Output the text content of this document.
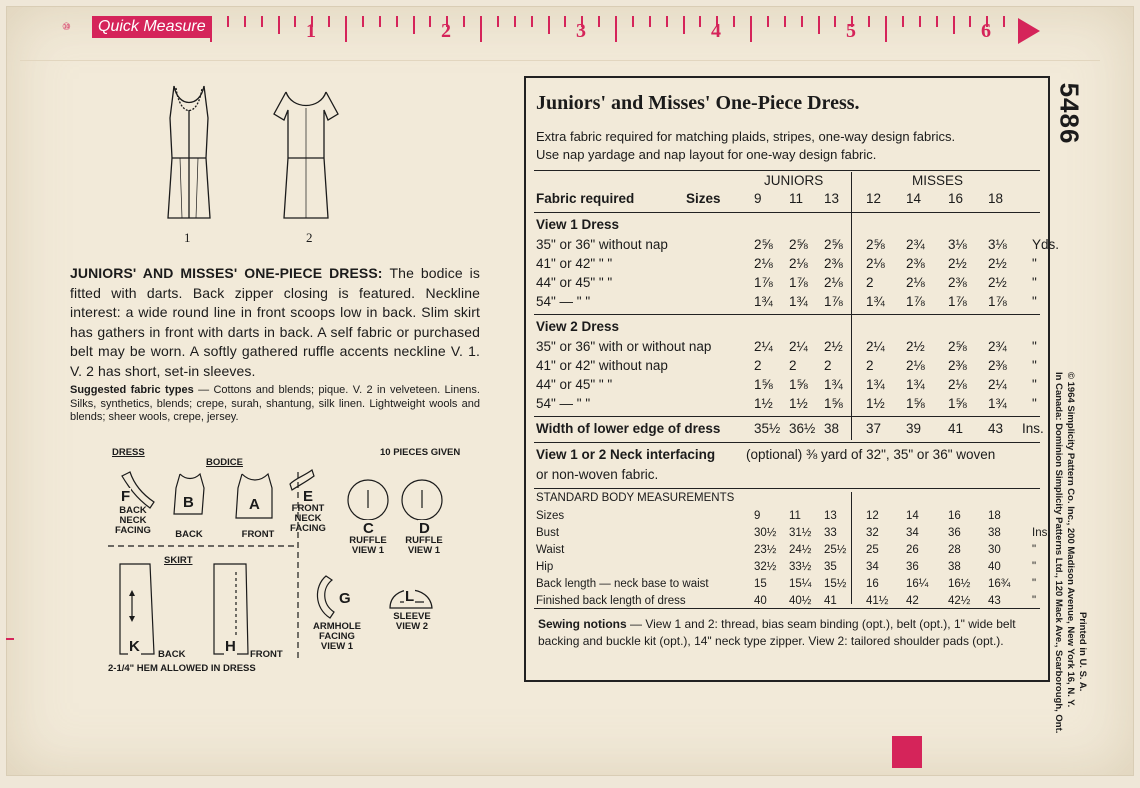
Quick Measure	1	2	3	4	5	6
⑩
1	2
JUNIORS' AND MISSES' ONE-PIECE DRESS: The bodice is fitted with darts. Back zipper closing is featured. Neckline interest: a wide round line in front scoops low in back. Slim skirt has gathers in front with darts in back. A self fabric or purchased belt may be worn. A softly gathered ruffle accents neckline V. 1. V. 2 has short, set-in sleeves.
Suggested fabric types — Cottons and blends; pique. V. 2 in velveteen. Linens. Silks, synthetics, blends; crepe, surah, shantung, silk linen. Lightweight wools and blends; sheer wools, crepe, jersey.
DRESS
BODICE
10 PIECES GIVEN
SKIRT
F
BACK NECK FACING
B
BACK
A
FRONT
E
FRONT NECK FACING C
RUFFLE VIEW 1
D
RUFFLE VIEW 1
K BACK	H FRONT
G
ARMHOLE FACING VIEW 1
L
SLEEVE VIEW 2
2-1/4" HEM ALLOWED IN DRESS
5486
Juniors' and Misses' One-Piece Dress.
Extra fabric required for matching plaids, stripes, one-way design fabrics.
Use nap yardage and nap layout for one-way design fabric.
JUNIORS	MISSES
Fabric required	Sizes 9 11 13 12 14 16 18
View 1 Dress
35" or 36" without nap	2⅝ 2⅝ 2⅝ 2⅝ 2¾ 3⅛ 3⅛ Yds.
41" or 42" " "	2⅛ 2⅛ 2⅜ 2⅛ 2⅜ 2½ 2½ "
44" or 45" " "	1⅞ 1⅞ 2⅛ 2 2⅛ 2⅜ 2½ "
54" — " "	1¾ 1¾ 1⅞ 1¾ 1⅞ 1⅞ 1⅞ "
View 2 Dress
35" or 36" with or without nap	2¼ 2¼ 2½ 2¼ 2½ 2⅝ 2¾ "
41" or 42" without nap	2 2 2	2 2⅛ 2⅜ 2⅜ "
44" or 45" " "	1⅝ 1⅝ 1¾ 1¾ 1¾ 2⅛ 2¼ "
54" — " "	1½ 1½ 1⅝ 1½ 1⅝ 1⅝ 1¾ "
Width of lower edge of dress 35½ 36½ 38 37 39 41 43 Ins.
View 1 or 2 Neck interfacing (optional) ⅜ yard of 32", 35" or 36" woven
or non-woven fabric.
STANDARD BODY MEASUREMENTS
Sizes	9 11 13	12 14	16 18
Bust	30½ 31½ 33	32 34	36 38	Ins.
Waist	23½ 24½ 25½ 25 26	28 30	"
Hip	32½ 33½ 35	34 36	38 40	"
Back length — neck base to waist	15 15¼ 15½ 16 16¼ 16½ 16¾ "
Finished back length of dress	40 40½ 41	41½ 42	42½ 43	"
Sewing notions — View 1 and 2: thread, bias seam binding (opt.), belt (opt.), 1" wide belt backing and buckle kit (opt.), 14" neck type zipper. View 2: tailored shoulder pads (opt.).	© 1964 Simplicity Pattern Co. Inc., 200 Madison Avenue, New York 16, N. Y.
In Canada: Dominion Simplicity Patterns Ltd., 120 Mack Ave., Scarborough, Ont. Printed in U. S. A.
